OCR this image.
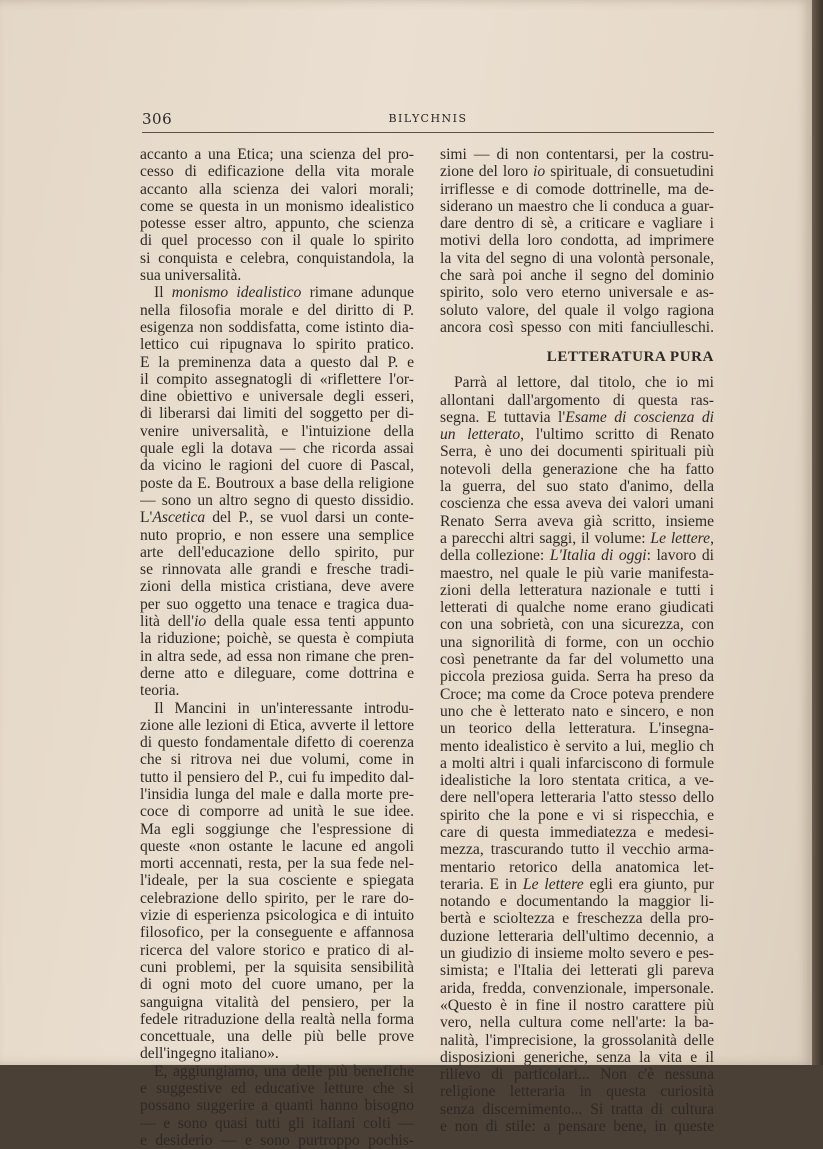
306	BILYCHNIS
accanto a una Etica; una scienza del pro-
cesso di edificazione della vita morale
accanto alla scienza dei valori morali;
come se questa in un monismo idealistico
potesse esser altro, appunto, che scienza
di quel processo con il quale lo spirito
si conquista e celebra, conquistandola, la
sua universalità.
Il monismo idealistico rimane adunque
nella filosofia morale e del diritto di P.
esigenza non soddisfatta, come istinto dia-
lettico cui ripugnava lo spirito pratico.
E la preminenza data a questo dal P. e
il compito assegnatogli di «riflettere l'or-
dine obiettivo e universale degli esseri,
di liberarsi dai limiti del soggetto per di-
venire universalità, e l'intuizione della
quale egli la dotava — che ricorda assai
da vicino le ragioni del cuore di Pascal,
poste da E. Boutroux a base della religione
— sono un altro segno di questo dissidio.
L'Ascetica del P., se vuol darsi un conte-
nuto proprio, e non essere una semplice
arte dell'educazione dello spirito, pur
se rinnovata alle grandi e fresche tradi-
zioni della mistica cristiana, deve avere
per suo oggetto una tenace e tragica dua-
lità dell'io della quale essa tenti appunto
la riduzione; poichè, se questa è compiuta
in altra sede, ad essa non rimane che pren-
derne atto e dileguare, come dottrina e
teoria.
Il Mancini in un'interessante introdu-
zione alle lezioni di Etica, avverte il lettore
di questo fondamentale difetto di coerenza
che si ritrova nei due volumi, come in
tutto il pensiero del P., cui fu impedito dal-
l'insidia lunga del male e dalla morte pre-
coce di comporre ad unità le sue idee.
Ma egli soggiunge che l'espressione di
queste «non ostante le lacune ed angoli
morti accennati, resta, per la sua fede nel-
l'ideale, per la sua cosciente e spiegata
celebrazione dello spirito, per le rare do-
vizie di esperienza psicologica e di intuito
filosofico, per la conseguente e affannosa
ricerca del valore storico e pratico di al-
cuni problemi, per la squisita sensibilità
di ogni moto del cuore umano, per la
sanguigna vitalità del pensiero, per la
fedele ritraduzione della realtà nella forma
concettuale, una delle più belle prove
dell'ingegno italiano».
E, aggiungiamo, una delle più benefiche
e suggestive ed educative letture che si
possano suggerire a quanti hanno bisogno
— e sono quasi tutti gli italiani colti —
e desiderio — e sono purtroppo pochis-
simi — di non contentarsi, per la costru-
zione del loro io spirituale, di consuetudini
irriflesse e di comode dottrinelle, ma de-
siderano un maestro che li conduca a guar-
dare dentro di sè, a criticare e vagliare i
motivi della loro condotta, ad imprimere
la vita del segno di una volontà personale,
che sarà poi anche il segno del dominio
spirito, solo vero eterno universale e as-
soluto valore, del quale il volgo ragiona
ancora così spesso con miti fanciulleschi.
LETTERATURA PURA
Parrà al lettore, dal titolo, che io mi
allontani dall'argomento di questa ras-
segna. E tuttavia l'Esame di coscienza di
un letterato, l'ultimo scritto di Renato
Serra, è uno dei documenti spirituali più
notevoli della generazione che ha fatto
la guerra, del suo stato d'animo, della
coscienza che essa aveva dei valori umani
Renato Serra aveva già scritto, insieme
a parecchi altri saggi, il volume: Le lettere,
della collezione: L'Italia di oggi: lavoro di
maestro, nel quale le più varie manifesta-
zioni della letteratura nazionale e tutti i
letterati di qualche nome erano giudicati
con una sobrietà, con una sicurezza, con
una signorilità di forme, con un occhio
così penetrante da far del volumetto una
piccola preziosa guida. Serra ha preso da
Croce; ma come da Croce poteva prendere
uno che è letterato nato e sincero, e non
un teorico della letteratura. L'insegna-
mento idealistico è servito a lui, meglio ch
a molti altri i quali infarciscono di formule
idealistiche la loro stentata critica, a ve-
dere nell'opera letteraria l'atto stesso dello
spirito che la pone e vi si rispecchia, e
care di questa immediatezza e medesi-
mezza, trascurando tutto il vecchio arma-
mentario retorico della anatomica let-
teraria. E in Le lettere egli era giunto, pur
notando e documentando la maggior li-
bertà e scioltezza e freschezza della pro-
duzione letteraria dell'ultimo decennio, a
un giudizio di insieme molto severo e pes-
simista; e l'Italia dei letterati gli pareva
arida, fredda, convenzionale, impersonale.
«Questo è in fine il nostro carattere più
vero, nella cultura come nell'arte: la ba-
nalità, l'imprecisione, la grossolanità delle
disposizioni generiche, senza la vita e il
rilievo di particolari... Non c'è nessuna
religione letteraria in questa curiosità
senza discernimento... Si tratta di cultura
e non di stile: a pensare bene, in queste
